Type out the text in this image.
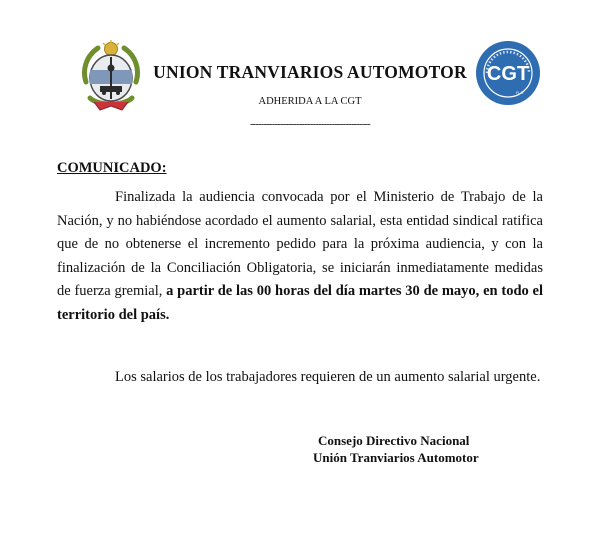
UNION TRANVIARIOS AUTOMOTOR
ADHERIDA A LA CGT
--------------------------------------------
CGT
R.A.
COMUNICADO:

Finalizada la audiencia convocada por el Ministerio de Trabajo de la Nación, y no habiéndose acordado el aumento salarial, esta entidad sindical ratifica que de no obtenerse el incremento pedido para la próxima audiencia, y con la finalización de la Conciliación Obligatoria, se iniciarán inmediatamente medidas de fuerza gremial, a partir de las 00 horas del día martes 30 de mayo, en todo el territorio del país.

Los salarios de los trabajadores requieren de un aumento salarial urgente.

Consejo Directivo Nacional
Unión Tranviarios Automotor
